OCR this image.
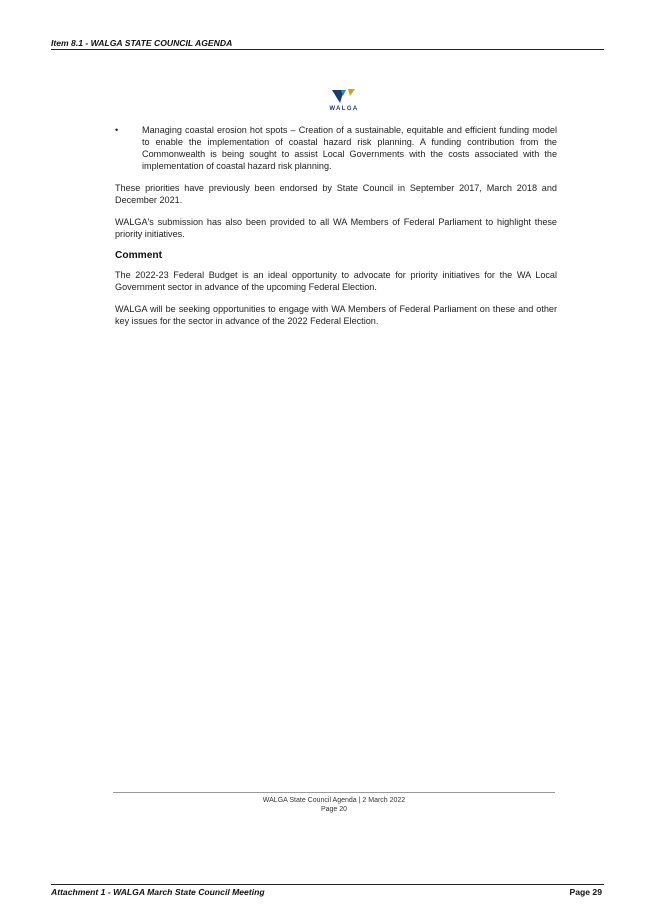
Item 8.1 - WALGA STATE COUNCIL AGENDA
WALGA
•	Managing coastal erosion hot spots – Creation of a sustainable, equitable and efficient funding model to enable the implementation of coastal hazard risk planning. A funding contribution from the Commonwealth is being sought to assist Local Governments with the costs associated with the implementation of coastal hazard risk planning.

These priorities have previously been endorsed by State Council in September 2017, March 2018 and December 2021.

WALGA's submission has also been provided to all WA Members of Federal Parliament to highlight these priority initiatives.

Comment

The 2022-23 Federal Budget is an ideal opportunity to advocate for priority initiatives for the WA Local Government sector in advance of the upcoming Federal Election.

WALGA will be seeking opportunities to engage with WA Members of Federal Parliament on these and other key issues for the sector in advance of the 2022 Federal Election.

WALGA State Council Agenda | 2 March 2022
Page 20
Attachment 1 - WALGA March State Council Meeting	Page 29
